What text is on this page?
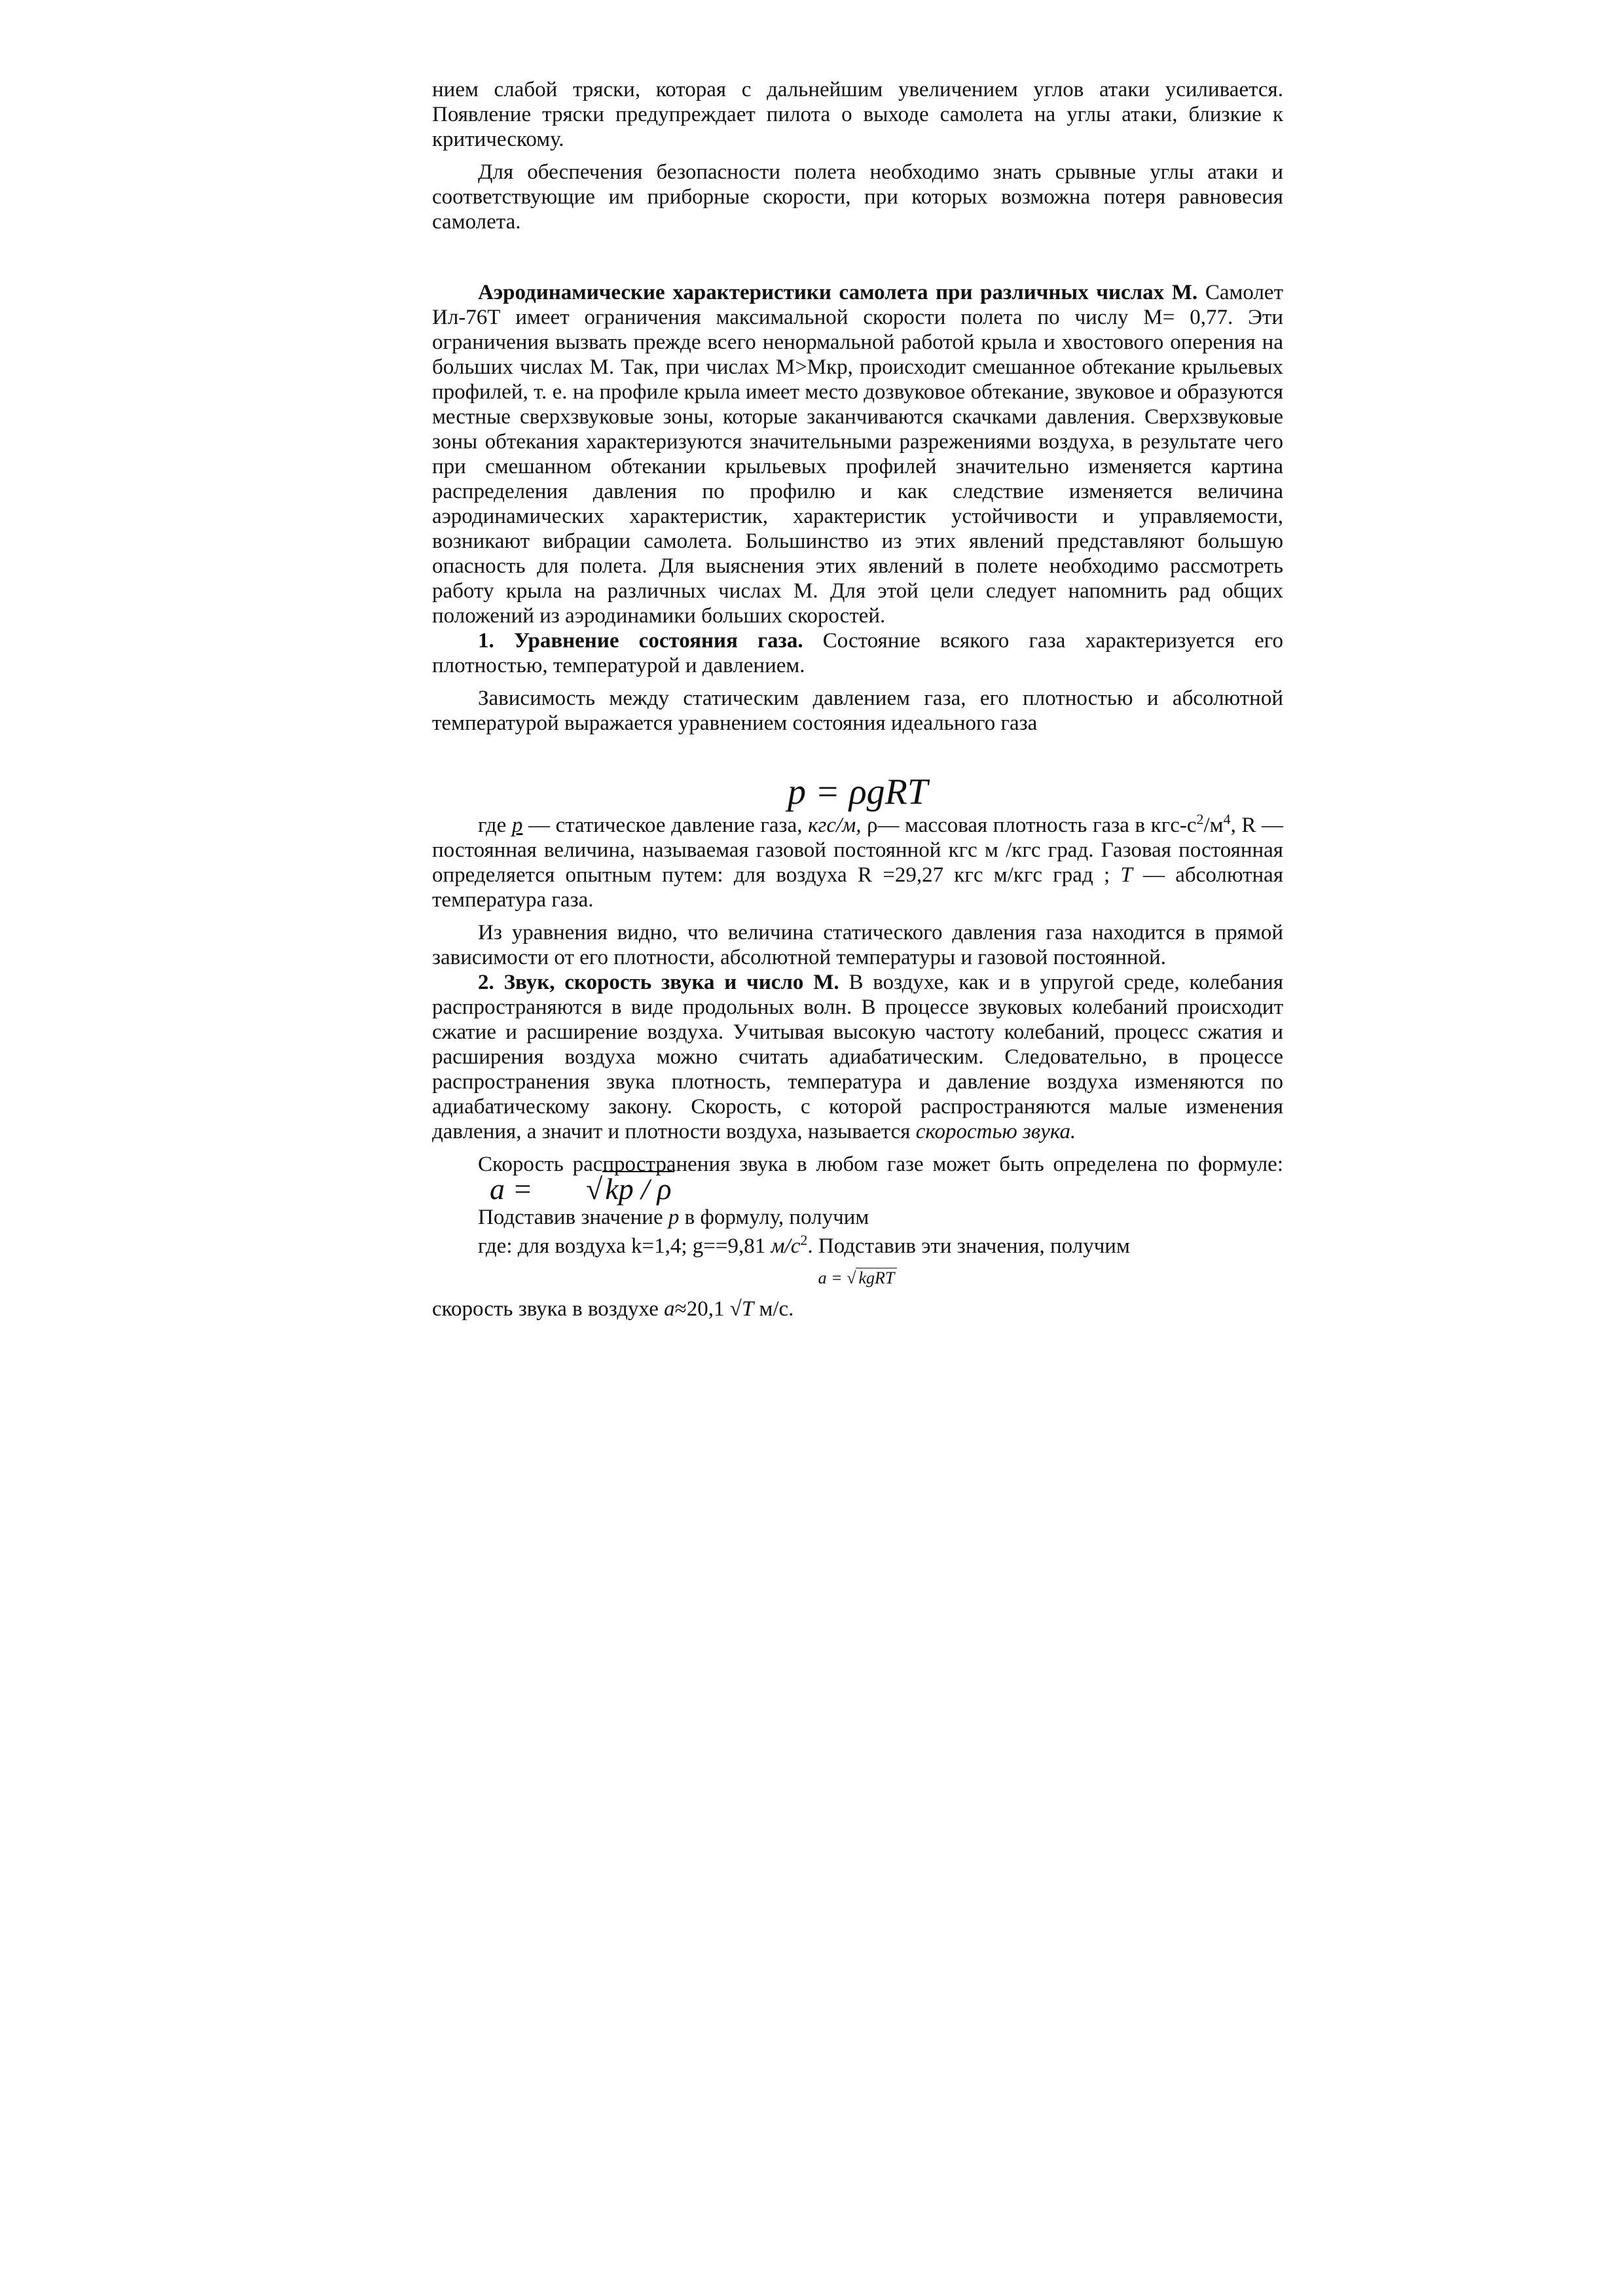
нием слабой тряски, которая с дальнейшим увеличением углов атаки усиливается. Появление тряски предупреждает пилота о выходе самолета на углы атаки, близкие к критическому.

Для обеспечения безопасности полета необходимо знать срывные углы атаки и соответствующие им приборные скорости, при которых возможна потеря равновесия самолета.

Аэродинамические характеристики самолета при различных числах М. Самолет Ил-76Т имеет ограничения максимальной скорости полета по числу М= 0,77. Эти ограничения вызвать прежде всего ненормальной работой крыла и хвостового оперения на больших числах М. Так, при числах М>Мкр, происходит смешанное обтекание крыльевых профилей, т. е. на профиле крыла имеет место дозвуковое обтекание, звуковое и образуются местные сверхзвуковые зоны, которые заканчиваются скачками давления. Сверхзвуковые зоны обтекания характеризуются значительными разрежениями воздуха, в результате чего при смешанном обтекании крыльевых профилей значительно изменяется картина распределения давления по профилю и как следствие изменяется величина аэродинамических характеристик, характеристик устойчивости и управляемости, возникают вибрации самолета. Большинство из этих явлений представляют большую опасность для полета. Для выяснения этих явлений в полете необходимо рассмотреть работу крыла на различных числах М. Для этой цели следует напомнить рад общих положений из аэродинамики больших скоростей.

1. Уравнение состояния газа. Состояние всякого газа характеризуется его плотностью, температурой и давлением.

Зависимость между статическим давлением газа, его плотностью и абсолютной температурой выражается уравнением состояния идеального газа

p = ρgRT

где p — статическое давление газа, кгс/м, ρ— массовая плотность газа в кгс-$с^2/м^4$, R — постоянная величина, называемая газовой постоянной кгс м /кгс град. Газовая постоянная определяется опытным путем: для воздуха R =29,27 кгс м/кгс град ; T — абсолютная температура газа.

Из уравнения видно, что величина статического давления газа находится в прямой зависимости от его плотности, абсолютной температуры и газовой постоянной.

2. Звук, скорость звука и число М. В воздухе, как и в упругой среде, колебания распространяются в виде продольных волн. В процессе звуковых колебаний происходит сжатие и расширение воздуха. Учитывая высокую частоту колебаний, процесс сжатия и расширения воздуха можно считать адиабатическим. Следовательно, в процессе распространения звука плотность, температура и давление воздуха изменяются по адиабатическому закону. Скорость, с которой распространяются малые изменения давления, а значит и плотности воздуха, называется скоростью звука.

Скорость распространения звука в любом газе может быть определена по формуле:a = √kp / ρ

Подставив значение p в формулу, получим

где: для воздуха k=1,4; g==9,81 $м/с^2$. Подставив эти значения, получим

a = √ kgRT

скорость звука в воздухе a≈20,1 √T м/с.
